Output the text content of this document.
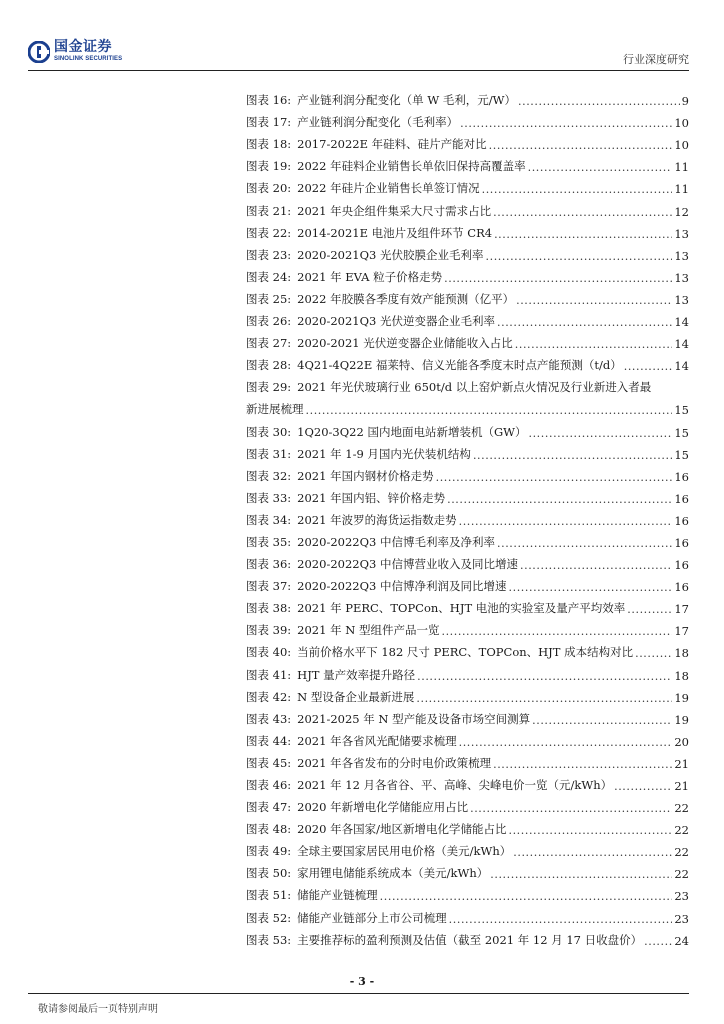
国金证券
SINOLINK SECURITIES	行业深度研究
图表 16: 产业链利润分配变化（单 W 毛利，元/W） .....	9
图表 17: 产业链利润分配变化（毛利率） .....	10
图表 18: 2017-2022E 年硅料、硅片产能对比 .....	10
图表 19: 2022 年硅料企业销售长单依旧保持高覆盖率 .....	11
图表 20: 2022 年硅片企业销售长单签订情况 .....	11
图表 21: 2021 年央企组件集采大尺寸需求占比 .....	12
图表 22: 2014-2021E 电池片及组件环节 CR4 .....	13
图表 23: 2020-2021Q3 光伏胶膜企业毛利率 .....	13
图表 24: 2021 年 EVA 粒子价格走势 .....	13
图表 25: 2022 年胶膜各季度有效产能预测（亿平） .....	13
图表 26: 2020-2021Q3 光伏逆变器企业毛利率 .....	14
图表 27: 2020-2021 光伏逆变器企业储能收入占比 .....	14
图表 28: 4Q21-4Q22E 福莱特、信义光能各季度末时点产能预测（t/d） .....	14
图表 29: 2021 年光伏玻璃行业 650t/d 以上窑炉新点火情况及行业新进入者最
新进展梳理 .....	15
图表 30: 1Q20-3Q22 国内地面电站新增装机（GW） .....	15
图表 31: 2021 年 1-9 月国内光伏装机结构 .....	15
图表 32: 2021 年国内钢材价格走势 .....	16
图表 33: 2021 年国内铝、锌价格走势 .....	16
图表 34: 2021 年波罗的海货运指数走势 .....	16
图表 35: 2020-2022Q3 中信博毛利率及净利率 .....	16
图表 36: 2020-2022Q3 中信博营业收入及同比增速 .....	16
图表 37: 2020-2022Q3 中信博净利润及同比增速 .....	16
图表 38: 2021 年 PERC、TOPCon、HJT 电池的实验室及量产平均效率 .....	17
图表 39: 2021 年 N 型组件产品一览 .....	17
图表 40: 当前价格水平下 182 尺寸 PERC、TOPCon、HJT 成本结构对比 .....	18
图表 41: HJT 量产效率提升路径 .....	18
图表 42: N 型设备企业最新进展 .....	19
图表 43: 2021-2025 年 N 型产能及设备市场空间测算 .....	19
图表 44: 2021 年各省风光配储要求梳理 .....	20
图表 45: 2021 年各省发布的分时电价政策梳理 .....	21
图表 46: 2021 年 12 月各省谷、平、高峰、尖峰电价一览（元/kWh） .....	21
图表 47: 2020 年新增电化学储能应用占比 .....	22
图表 48: 2020 年各国家/地区新增电化学储能占比 .....	22
图表 49: 全球主要国家居民用电价格（美元/kWh） .....	22
图表 50: 家用锂电储能系统成本（美元/kWh） .....	22
图表 51: 储能产业链梳理 .....	23
图表 52: 储能产业链部分上市公司梳理 .....	23
图表 53: 主要推荐标的盈利预测及估值（截至 2021 年 12 月 17 日收盘价） .....	24
- 3 -
敬请参阅最后一页特别声明
